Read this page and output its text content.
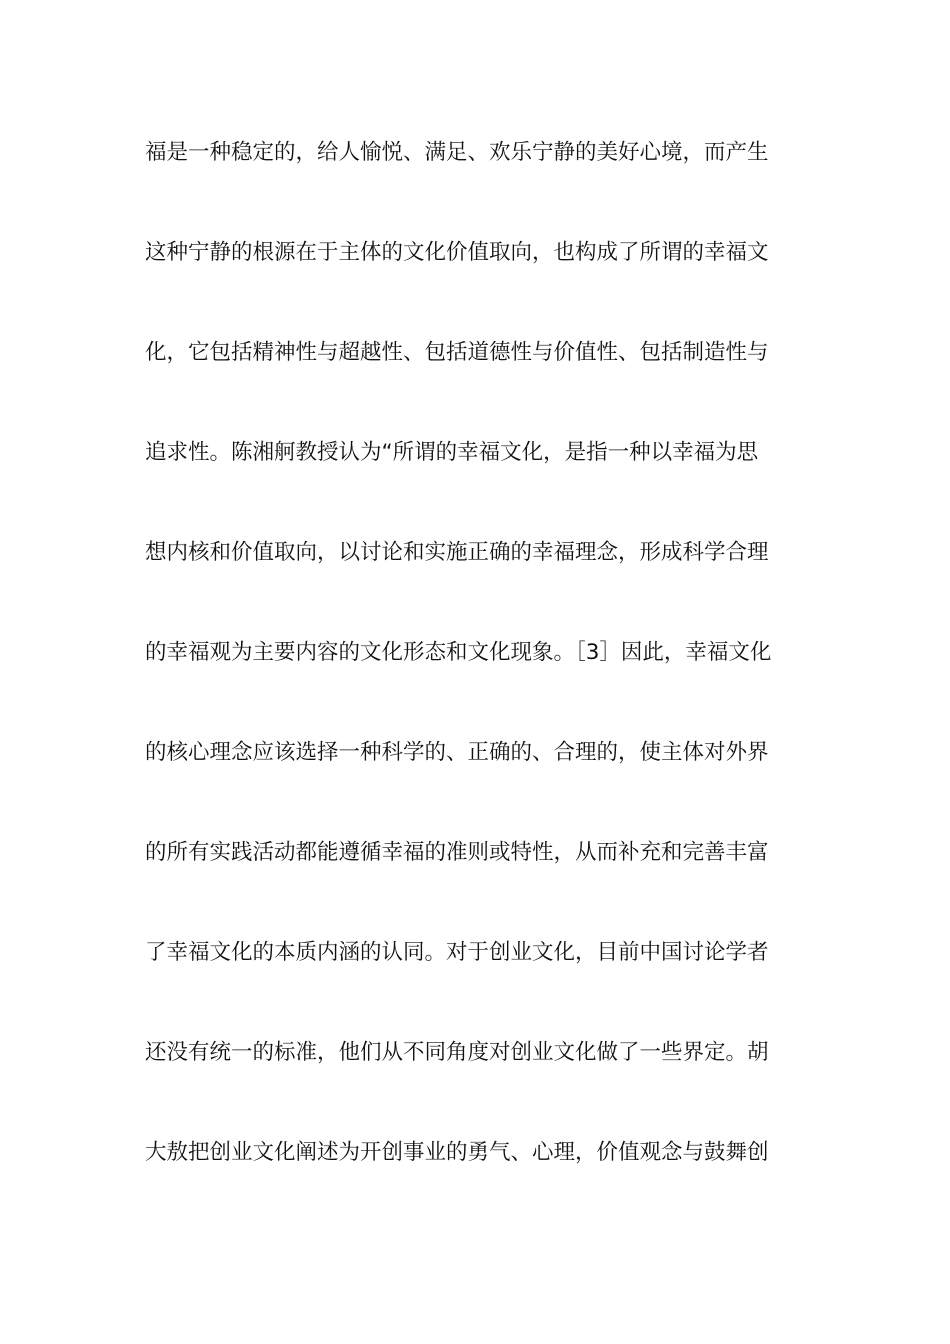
福是一种稳定的，给人愉悦、满足、欢乐宁静的美好心境，而产生
这种宁静的根源在于主体的文化价值取向，也构成了所谓的幸福文
化，它包括精神性与超越性、包括道德性与价值性、包括制造性与
追求性。陈湘舸教授认为“所谓的幸福文化，是指一种以幸福为思
想内核和价值取向，以讨论和实施正确的幸福理念，形成科学合理
的幸福观为主要内容的文化形态和文化现象。［3］因此，幸福文化
的核心理念应该选择一种科学的、正确的、合理的，使主体对外界
的所有实践活动都能遵循幸福的准则或特性，从而补充和完善丰富
了幸福文化的本质内涵的认同。对于创业文化，目前中国讨论学者
还没有统一的标准，他们从不同角度对创业文化做了一些界定。胡
大敖把创业文化阐述为开创事业的勇气、心理，价值观念与鼓舞创
